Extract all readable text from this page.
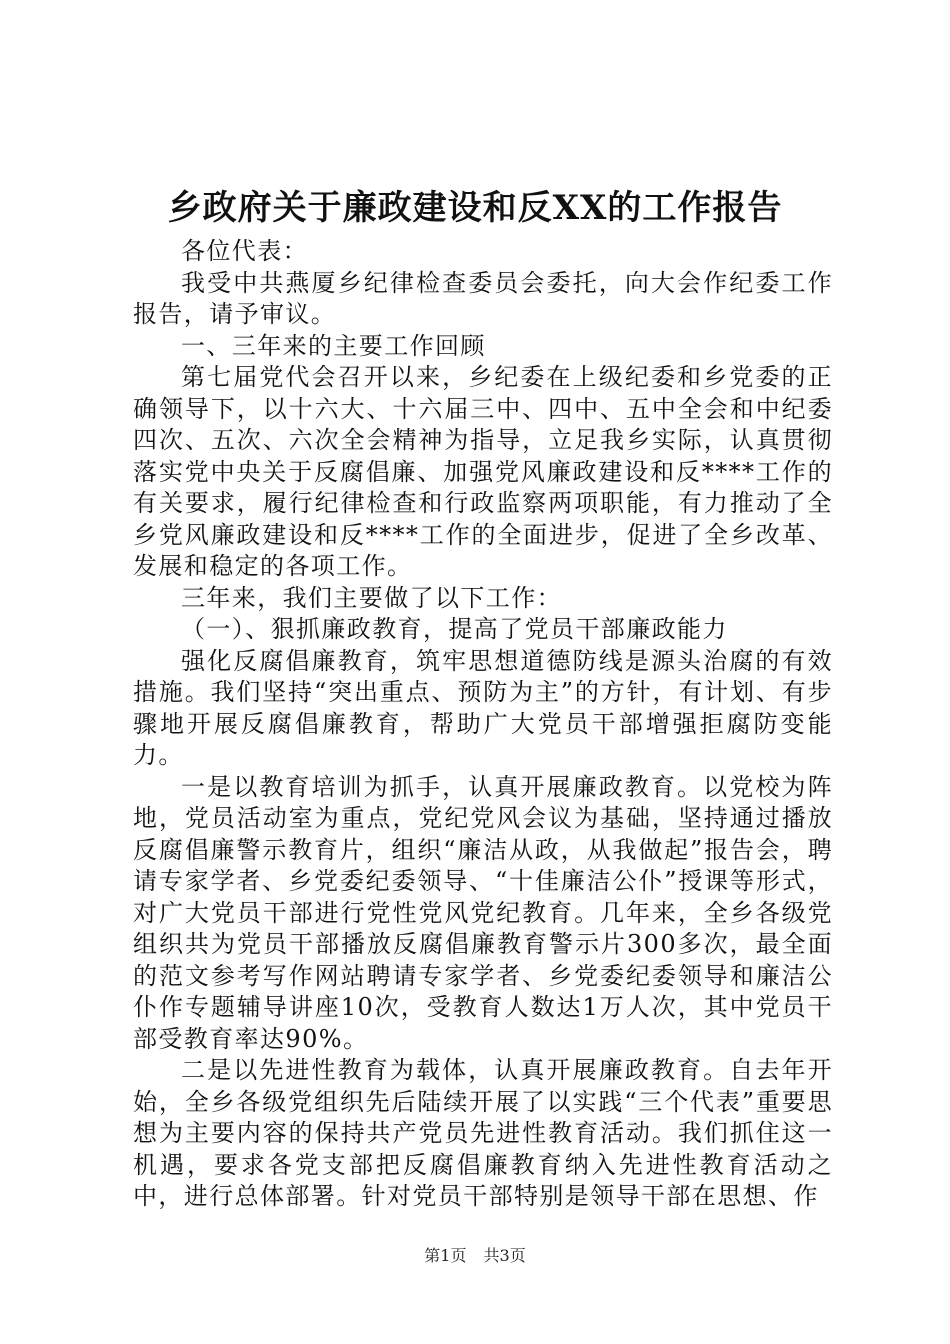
乡政府关于廉政建设和反XX的工作报告

各位代表：

我受中共燕厦乡纪律检查委员会委托，向大会作纪委工作报告，请予审议。

一、三年来的主要工作回顾

第七届党代会召开以来，乡纪委在上级纪委和乡党委的正确领导下，以十六大、十六届三中、四中、五中全会和中纪委四次、五次、六次全会精神为指导，立足我乡实际，认真贯彻落实党中央关于反腐倡廉、加强党风廉政建设和反****工作的有关要求，履行纪律检查和行政监察两项职能，有力推动了全乡党风廉政建设和反****工作的全面进步，促进了全乡改革、发展和稳定的各项工作。

三年来，我们主要做了以下工作：

（一）、狠抓廉政教育，提高了党员干部廉政能力

强化反腐倡廉教育，筑牢思想道德防线是源头治腐的有效措施。我们坚持“突出重点、预防为主”的方针，有计划、有步骤地开展反腐倡廉教育，帮助广大党员干部增强拒腐防变能力。

一是以教育培训为抓手，认真开展廉政教育。以党校为阵地，党员活动室为重点，党纪党风会议为基础，坚持通过播放反腐倡廉警示教育片，组织“廉洁从政，从我做起”报告会，聘请专家学者、乡党委纪委领导、“十佳廉洁公仆”授课等形式，对广大党员干部进行党性党风党纪教育。几年来，全乡各级党组织共为党员干部播放反腐倡廉教育警示片300多次，最全面的范文参考写作网站聘请专家学者、乡党委纪委领导和廉洁公仆作专题辅导讲座10次，受教育人数达1万人次，其中党员干部受教育率达90%。

二是以先进性教育为载体，认真开展廉政教育。自去年开始，全乡各级党组织先后陆续开展了以实践“三个代表”重要思想为主要内容的保持共产党员先进性教育活动。我们抓住这一机遇，要求各党支部把反腐倡廉教育纳入先进性教育活动之中，进行总体部署。针对党员干部特别是领导干部在思想、作

第1页 共3页
